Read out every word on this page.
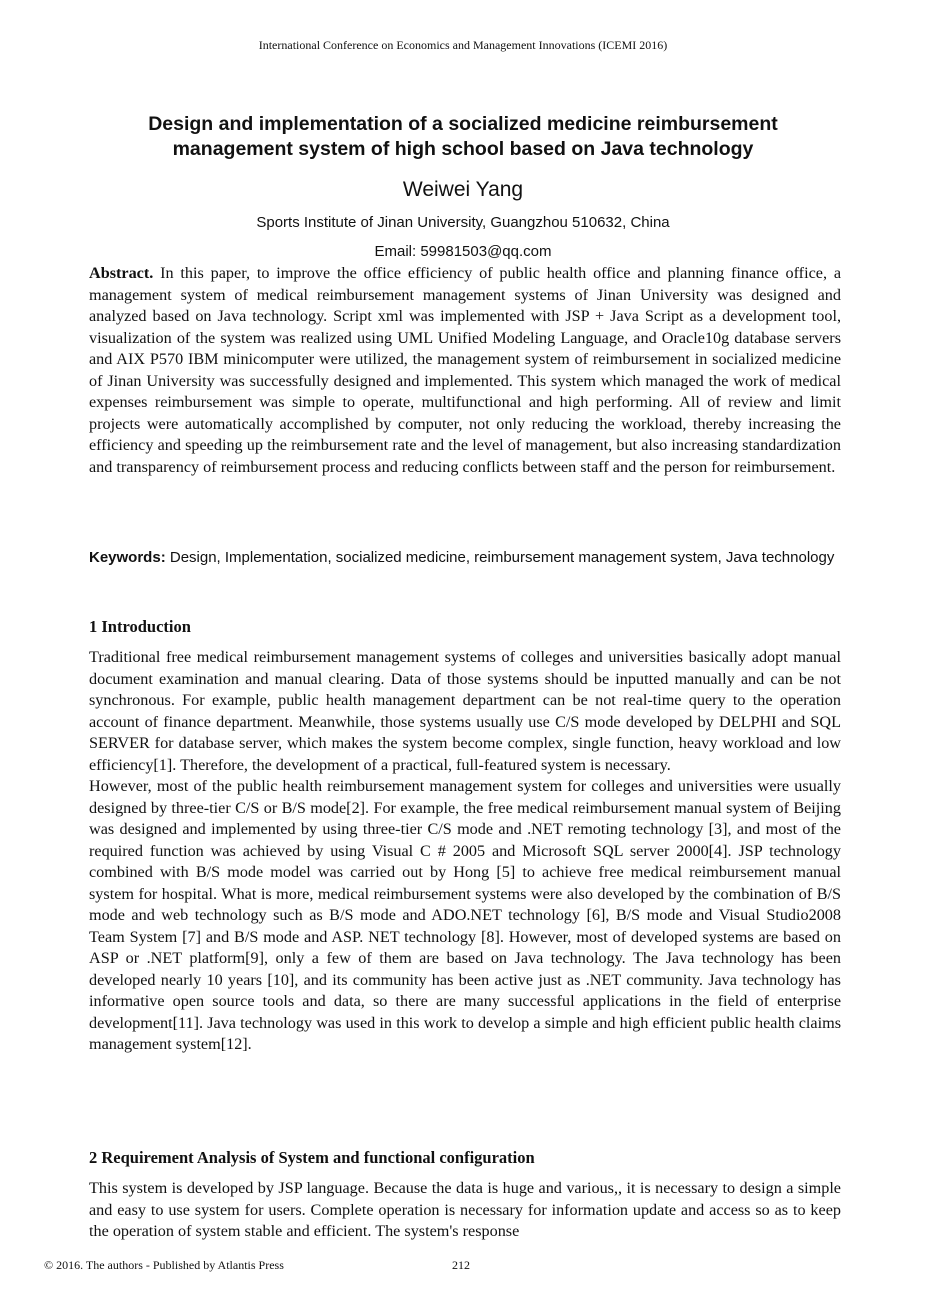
International Conference on Economics and Management Innovations (ICEMI 2016)
Design and implementation of a socialized medicine reimbursement
management system of high school based on Java technology
Weiwei Yang
Sports Institute of Jinan University, Guangzhou 510632, China
Email: 59981503@qq.com

Abstract. In this paper, to improve the office efficiency of public health office and planning finance office, a management system of medical reimbursement management systems of Jinan University was designed and analyzed based on Java technology. Script xml was implemented with JSP + Java Script as a development tool, visualization of the system was realized using UML Unified Modeling Language, and Oracle10g database servers and AIX P570 IBM minicomputer were utilized, the management system of reimbursement in socialized medicine of Jinan University was successfully designed and implemented. This system which managed the work of medical expenses reimbursement was simple to operate, multifunctional and high performing. All of review and limit projects were automatically accomplished by computer, not only reducing the workload, thereby increasing the efficiency and speeding up the reimbursement rate and the level of management, but also increasing standardization and transparency of reimbursement process and reducing conflicts between staff and the person for reimbursement.

Keywords: Design, Implementation, socialized medicine, reimbursement management system, Java technology

1 Introduction

Traditional free medical reimbursement management systems of colleges and universities basically adopt manual document examination and manual clearing. Data of those systems should be inputted manually and can be not synchronous. For example, public health management department can be not real-time query to the operation account of finance department. Meanwhile, those systems usually use C/S mode developed by DELPHI and SQL SERVER for database server, which makes the system become complex, single function, heavy workload and low efficiency[1]. Therefore, the development of a practical, full-featured system is necessary.

However, most of the public health reimbursement management system for colleges and universities were usually designed by three-tier C/S or B/S mode[2]. For example, the free medical reimbursement manual system of Beijing was designed and implemented by using three-tier C/S mode and .NET remoting technology [3], and most of the required function was achieved by using Visual C # 2005 and Microsoft SQL server 2000[4]. JSP technology combined with B/S mode model was carried out by Hong [5] to achieve free medical reimbursement manual system for hospital. What is more, medical reimbursement systems were also developed by the combination of B/S mode and web technology such as B/S mode and ADO.NET technology [6], B/S mode and Visual Studio2008 Team System [7] and B/S mode and ASP. NET technology [8]. However, most of developed systems are based on ASP or .NET platform[9], only a few of them are based on Java technology. The Java technology has been developed nearly 10 years [10], and its community has been active just as .NET community. Java technology has informative open source tools and data, so there are many successful applications in the field of enterprise development[11]. Java technology was used in this work to develop a simple and high efficient public health claims management system[12].

2 Requirement Analysis of System and functional configuration

This system is developed by JSP language. Because the data is huge and various,, it is necessary to design a simple and easy to use system for users. Complete operation is necessary for information update and access so as to keep the operation of system stable and efficient. The system's response

© 2016. The authors - Published by Atlantis Press	212
